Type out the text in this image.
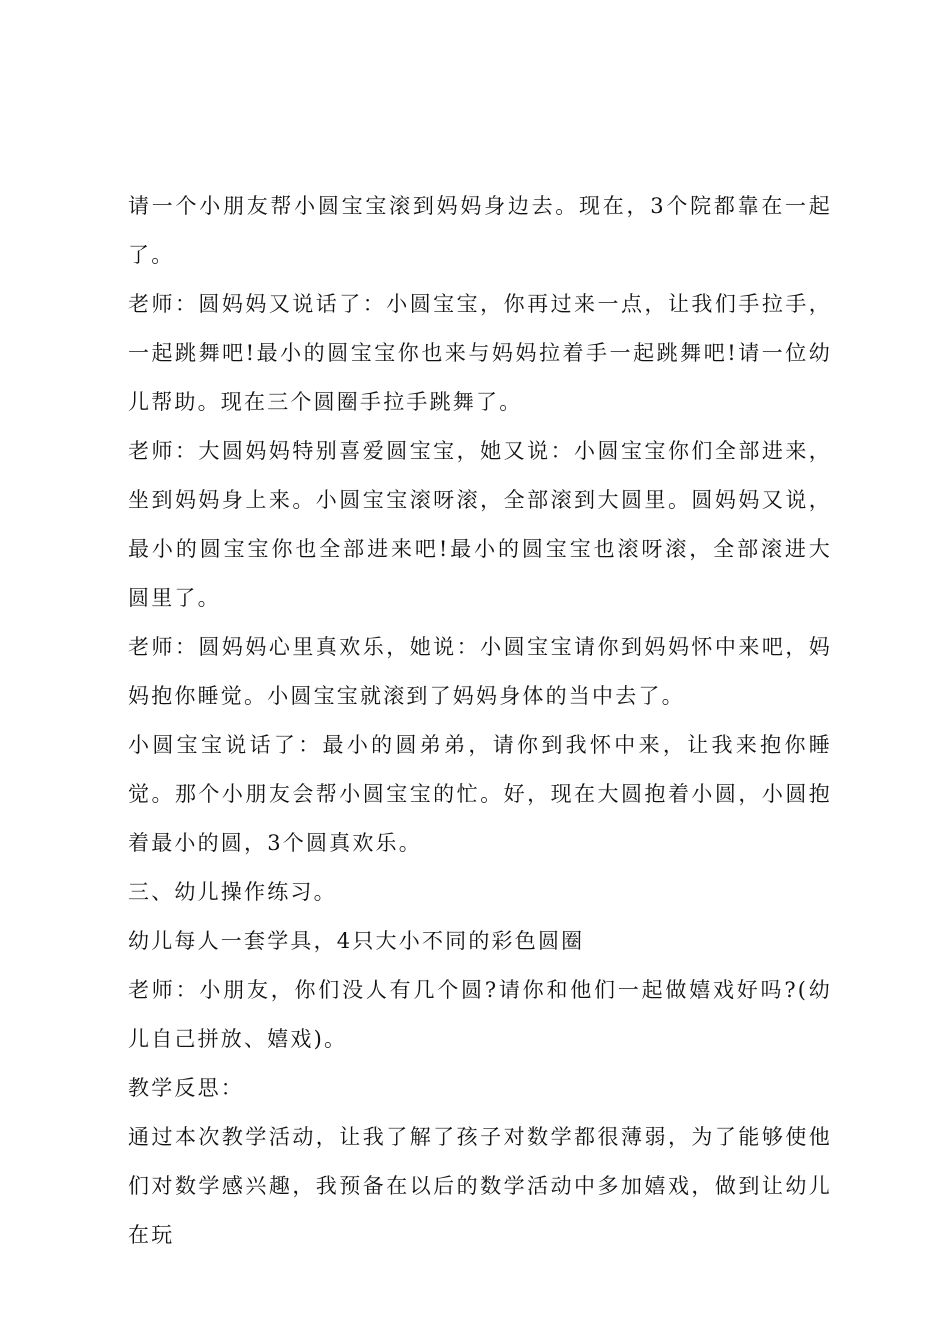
请一个小朋友帮小圆宝宝滚到妈妈身边去。现在，3个院都靠在一起了。

老师：圆妈妈又说话了：小圆宝宝，你再过来一点，让我们手拉手，一起跳舞吧!最小的圆宝宝你也来与妈妈拉着手一起跳舞吧!请一位幼儿帮助。现在三个圆圈手拉手跳舞了。

老师：大圆妈妈特别喜爱圆宝宝，她又说：小圆宝宝你们全部进来，坐到妈妈身上来。小圆宝宝滚呀滚，全部滚到大圆里。圆妈妈又说，最小的圆宝宝你也全部进来吧!最小的圆宝宝也滚呀滚，全部滚进大圆里了。

老师：圆妈妈心里真欢乐，她说：小圆宝宝请你到妈妈怀中来吧，妈妈抱你睡觉。小圆宝宝就滚到了妈妈身体的当中去了。

小圆宝宝说话了：最小的圆弟弟，请你到我怀中来，让我来抱你睡觉。那个小朋友会帮小圆宝宝的忙。好，现在大圆抱着小圆，小圆抱着最小的圆，3个圆真欢乐。

三、幼儿操作练习。

幼儿每人一套学具，4只大小不同的彩色圆圈

老师：小朋友，你们没人有几个圆?请你和他们一起做嬉戏好吗?(幼儿自己拼放、嬉戏)。

教学反思：

通过本次教学活动，让我了解了孩子对数学都很薄弱，为了能够使他们对数学感兴趣，我预备在以后的数学活动中多加嬉戏，做到让幼儿在玩
